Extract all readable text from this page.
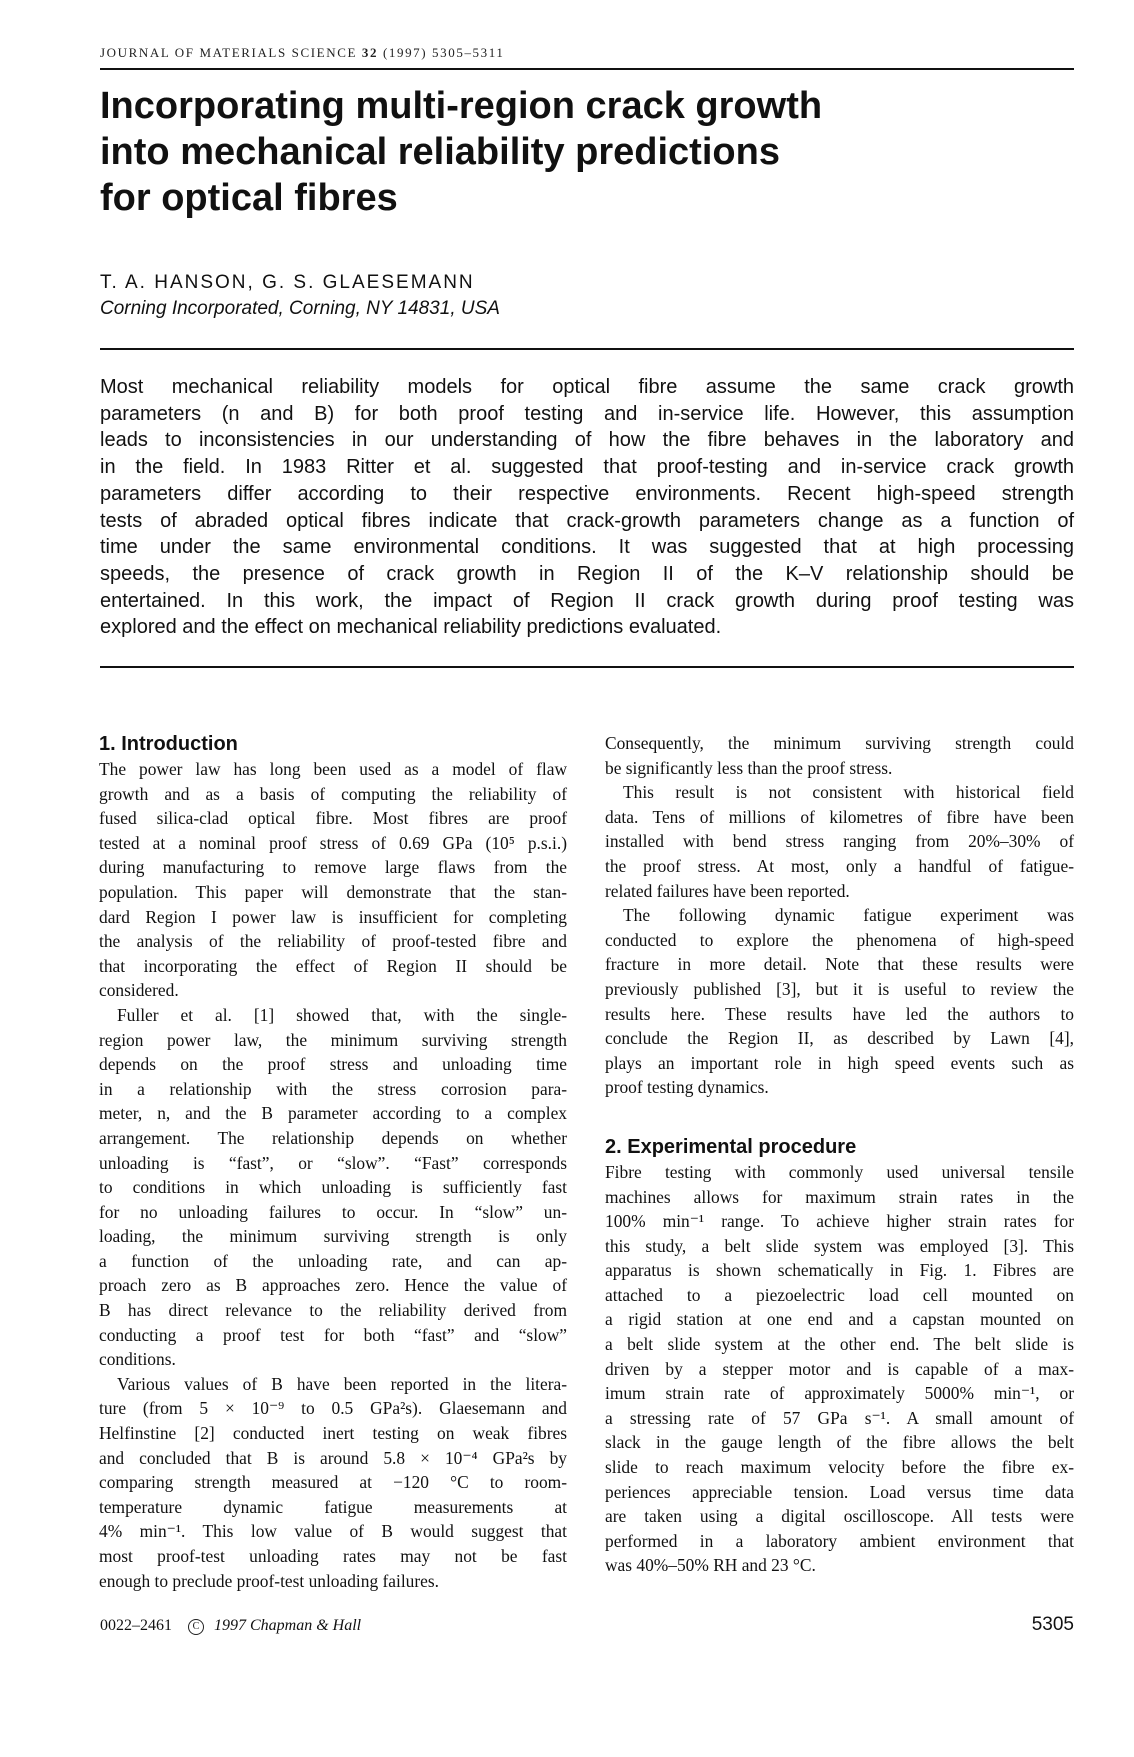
JOURNAL OF MATERIALS SCIENCE 32 (1997) 5305–5311
Incorporating multi-region crack growth
into mechanical reliability predictions
for optical fibres
T. A. HANSON, G. S. GLAESEMANN
Corning Incorporated, Corning, NY 14831, USA
Most mechanical reliability models for optical fibre assume the same crack growth
parameters (n and B) for both proof testing and in-service life. However, this assumption
leads to inconsistencies in our understanding of how the fibre behaves in the laboratory and
in the field. In 1983 Ritter et al. suggested that proof-testing and in-service crack growth
parameters differ according to their respective environments. Recent high-speed strength
tests of abraded optical fibres indicate that crack-growth parameters change as a function of
time under the same environmental conditions. It was suggested that at high processing
speeds, the presence of crack growth in Region II of the K–V relationship should be
entertained. In this work, the impact of Region II crack growth during proof testing was
explored and the effect on mechanical reliability predictions evaluated.
1. Introduction
The power law has long been used as a model of flaw
growth and as a basis of computing the reliability of
fused silica-clad optical fibre. Most fibres are proof
tested at a nominal proof stress of 0.69 GPa (10⁵ p.s.i.)
during manufacturing to remove large flaws from the
population. This paper will demonstrate that the stan-
dard Region I power law is insufficient for completing
the analysis of the reliability of proof-tested fibre and
that incorporating the effect of Region II should be
considered.
Fuller et al. [1] showed that, with the single-
region power law, the minimum surviving strength
depends on the proof stress and unloading time
in a relationship with the stress corrosion para-
meter, n, and the B parameter according to a complex
arrangement. The relationship depends on whether
unloading is “fast”, or “slow”. “Fast” corresponds
to conditions in which unloading is sufficiently fast
for no unloading failures to occur. In “slow” un-
loading, the minimum surviving strength is only
a function of the unloading rate, and can ap-
proach zero as B approaches zero. Hence the value of
B has direct relevance to the reliability derived from
conducting a proof test for both “fast” and “slow”
conditions.
Various values of B have been reported in the litera-
ture (from 5 × 10⁻⁹ to 0.5 GPa²s). Glaesemann and
Helfinstine [2] conducted inert testing on weak fibres
and concluded that B is around 5.8 × 10⁻⁴ GPa²s by
comparing strength measured at −120 °C to room-
temperature dynamic fatigue measurements at
4% min⁻¹. This low value of B would suggest that
most proof-test unloading rates may not be fast
enough to preclude proof-test unloading failures.
Consequently, the minimum surviving strength could
be significantly less than the proof stress.
This result is not consistent with historical field
data. Tens of millions of kilometres of fibre have been
installed with bend stress ranging from 20%–30% of
the proof stress. At most, only a handful of fatigue-
related failures have been reported.
The following dynamic fatigue experiment was
conducted to explore the phenomena of high-speed
fracture in more detail. Note that these results were
previously published [3], but it is useful to review the
results here. These results have led the authors to
conclude the Region II, as described by Lawn [4],
plays an important role in high speed events such as
proof testing dynamics.
2. Experimental procedure
Fibre testing with commonly used universal tensile
machines allows for maximum strain rates in the
100% min⁻¹ range. To achieve higher strain rates for
this study, a belt slide system was employed [3]. This
apparatus is shown schematically in Fig. 1. Fibres are
attached to a piezoelectric load cell mounted on
a rigid station at one end and a capstan mounted on
a belt slide system at the other end. The belt slide is
driven by a stepper motor and is capable of a max-
imum strain rate of approximately 5000% min⁻¹, or
a stressing rate of 57 GPa s⁻¹. A small amount of
slack in the gauge length of the fibre allows the belt
slide to reach maximum velocity before the fibre ex-
periences appreciable tension. Load versus time data
are taken using a digital oscilloscope. All tests were
performed in a laboratory ambient environment that
was 40%–50% RH and 23 °C.
0022–2461 C 1997 Chapman & Hall	5305
